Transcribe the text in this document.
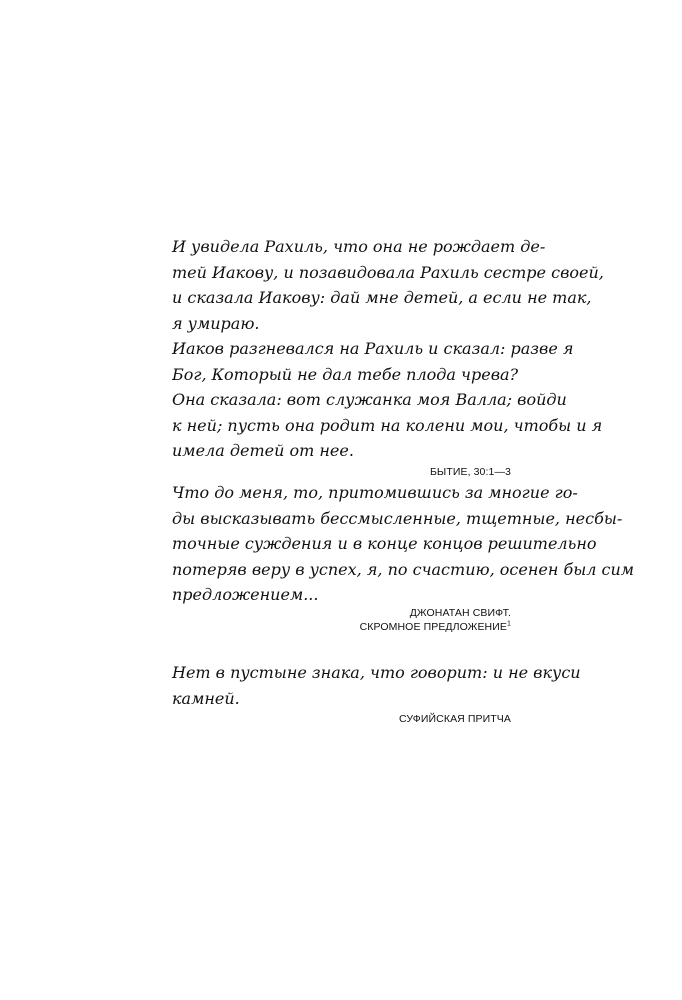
И увидела Рахиль, что она не рождает де-

тей Иакову, и позавидовала Рахиль сестре своей,

и сказала Иакову: дай мне детей, а если не так,

я умираю.

Иаков разгневался на Рахиль и сказал: разве я

Бог, Который не дал тебе плода чрева?

Она сказала: вот служанка моя Валла; войди

к ней; пусть она родит на колени мои, чтобы и я

имела детей от нее.

БЫТИЕ, 30:1—3

Что до меня, то, притомившись за многие го-

ды высказывать бессмысленные, тщетные, несбы-

точные суждения и в конце концов решительно

потеряв веру в успех, я, по счастию, осенен был сим

предложением...

ДЖОНАТАН СВИФТ.

СКРОМНОЕ ПРЕДЛОЖЕНИЕ$^1$

Нет в пустыне знака, что говорит: и не вкуси

камней.

СУФИЙСКАЯ ПРИТЧА
